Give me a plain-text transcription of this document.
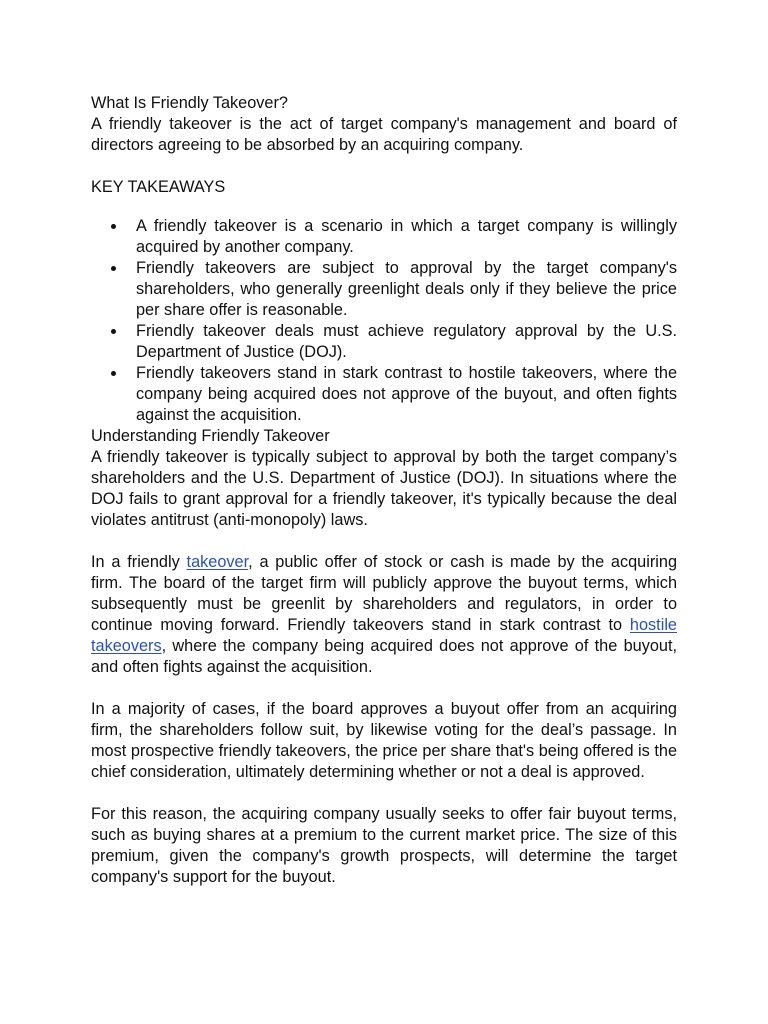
What Is Friendly Takeover?

A friendly takeover is the act of target company's management and board of directors agreeing to be absorbed by an acquiring company.

KEY TAKEAWAYS

A friendly takeover is a scenario in which a target company is willingly acquired by another company.
Friendly takeovers are subject to approval by the target company's shareholders, who generally greenlight deals only if they believe the price per share offer is reasonable.
Friendly takeover deals must achieve regulatory approval by the U.S. Department of Justice (DOJ).
Friendly takeovers stand in stark contrast to hostile takeovers, where the company being acquired does not approve of the buyout, and often fights against the acquisition.
Understanding Friendly Takeover

A friendly takeover is typically subject to approval by both the target company’s shareholders and the U.S. Department of Justice (DOJ). In situations where the DOJ fails to grant approval for a friendly takeover, it's typically because the deal violates antitrust (anti-monopoly) laws.

In a friendly takeover, a public offer of stock or cash is made by the acquiring firm. The board of the target firm will publicly approve the buyout terms, which subsequently must be greenlit by shareholders and regulators, in order to continue moving forward. Friendly takeovers stand in stark contrast to hostile takeovers, where the company being acquired does not approve of the buyout, and often fights against the acquisition.

In a majority of cases, if the board approves a buyout offer from an acquiring firm, the shareholders follow suit, by likewise voting for the deal’s passage. In most prospective friendly takeovers, the price per share that's being offered is the chief consideration, ultimately determining whether or not a deal is approved.

For this reason, the acquiring company usually seeks to offer fair buyout terms, such as buying shares at a premium to the current market price. The size of this premium, given the company's growth prospects, will determine the target company's support for the buyout.
